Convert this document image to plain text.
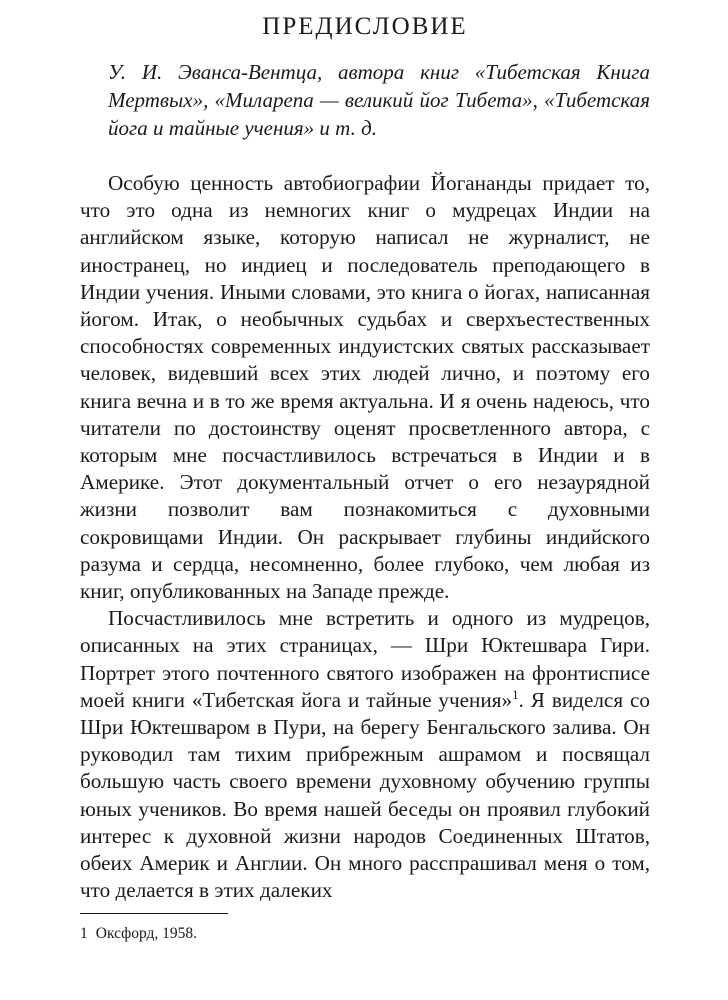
ПРЕДИСЛОВИЕ
У. И. Эванса-Вентца, автора книг «Тибетская Книга Мертвых», «Миларепа — великий йог Тибета», «Тибетская йога и тайные учения» и т. д.

Особую ценность автобиографии Йогананды придает то, что это одна из немногих книг о мудрецах Индии на английском языке, которую написал не журналист, не иностранец, но индиец и последователь преподающего в Индии учения. Иными словами, это книга о йогах, написанная йогом. Итак, о необычных судьбах и сверхъестественных способностях современных индуистских святых рассказывает человек, видевший всех этих людей лично, и поэтому его книга вечна и в то же время актуальна. И я очень надеюсь, что читатели по достоинству оценят просветленного автора, с которым мне посчастливилось встречаться в Индии и в Америке. Этот документальный отчет о его незаурядной жизни позволит вам познакомиться с духовными сокровищами Индии. Он раскрывает глубины индийского разума и сердца, несомненно, более глубоко, чем любая из книг, опубликованных на Западе прежде.

Посчастливилось мне встретить и одного из мудрецов, описанных на этих страницах, — Шри Юктешвара Гири. Портрет этого почтенного святого изображен на фронтисписе моей книги «Тибетская йога и тайные учения»$^1$. Я виделся со Шри Юктешваром в Пури, на берегу Бенгальского залива. Он руководил там тихим прибрежным ашрамом и посвящал большую часть своего времени духовному обучению группы юных учеников. Во время нашей беседы он проявил глубокий интерес к духовной жизни народов Соединенных Штатов, обеих Америк и Англии. Он много расспрашивал меня о том, что делается в этих далеких

1 Оксфорд, 1958.
